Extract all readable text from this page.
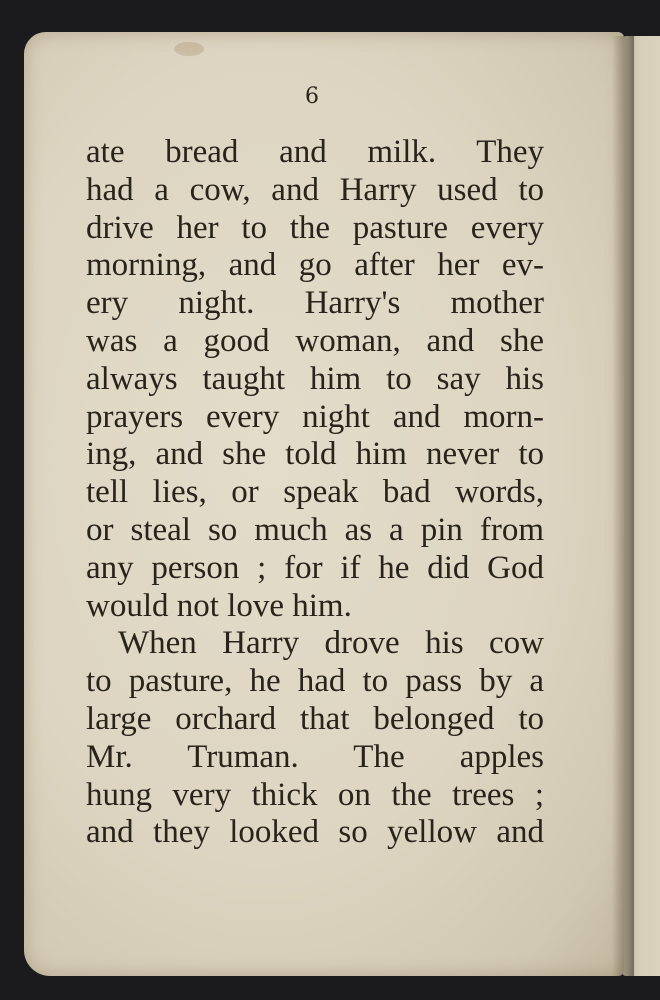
6
ate bread and milk. They
had a cow, and Harry used to
drive her to the pasture every
morning, and go after her ev-
ery night. Harry's mother
was a good woman, and she
always taught him to say his
prayers every night and morn-
ing, and she told him never to
tell lies, or speak bad words,
or steal so much as a pin from
any person ; for if he did God
would not love him.
When Harry drove his cow
to pasture, he had to pass by a
large orchard that belonged to
Mr. Truman. The apples
hung very thick on the trees ;
and they looked so yellow and
